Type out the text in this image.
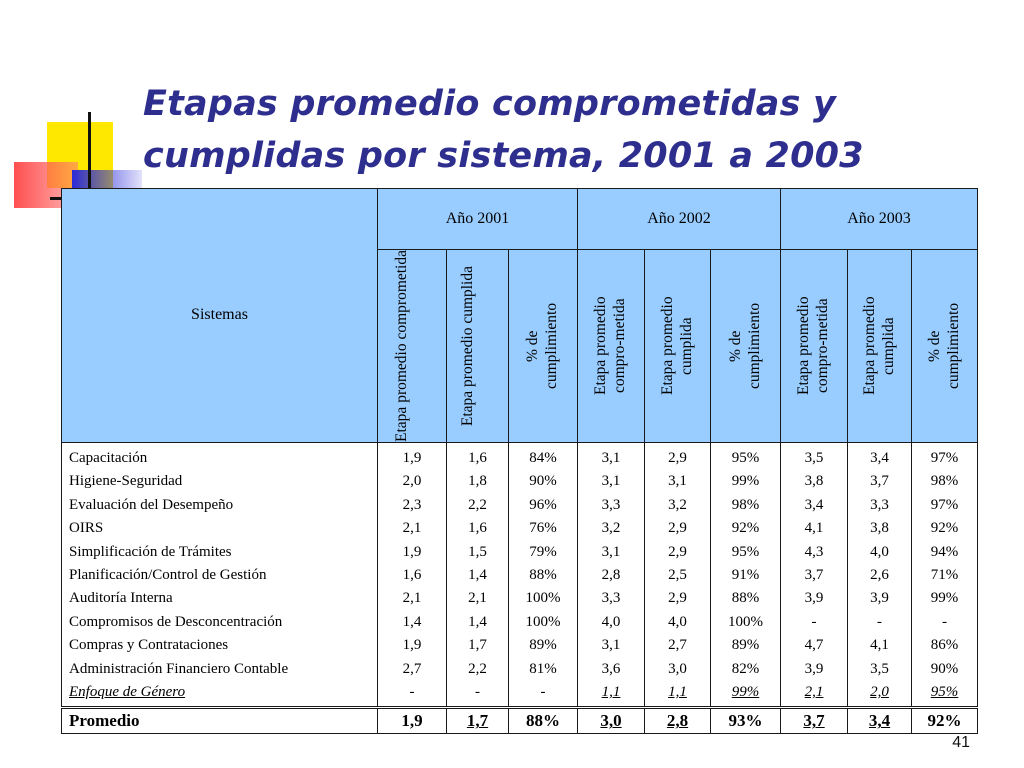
Etapas promedio comprometidas y
cumplidas por sistema, 2001 a 2003
Sistemas	Año 2001			Año 2002			Año 2003		

	Etapa promedio comprometida	Etapa promedio cumplida	% de cumplimiento	Etapa promedio compro-metida	Etapa promedio cumplida	% de cumplimiento	Etapa promedio compro-metida	Etapa promedio cumplida	% de cumplimiento

Capacitación	1,9	1,6	84%	3,1	2,9	95%	3,5	3,4	97%
Higiene-Seguridad	2,0	1,8	90%	3,1	3,1	99%	3,8	3,7	98%
Evaluación del Desempeño	2,3	2,2	96%	3,3	3,2	98%	3,4	3,3	97%
OIRS	2,1	1,6	76%	3,2	2,9	92%	4,1	3,8	92%
Simplificación de Trámites	1,9	1,5	79%	3,1	2,9	95%	4,3	4,0	94%
Planificación/Control de Gestión	1,6	1,4	88%	2,8	2,5	91%	3,7	2,6	71%
Auditoría Interna	2,1	2,1	100%	3,3	2,9	88%	3,9	3,9	99%
Compromisos de Desconcentración	1,4	1,4	100%	4,0	4,0	100%	-	-	-
Compras y Contrataciones	1,9	1,7	89%	3,1	2,7	89%	4,7	4,1	86%
Administración Financiero Contable	2,7	2,2	81%	3,6	3,0	82%	3,9	3,5	90%
Enfoque de Género	-	-	-	1,1	1,1	99%	2,1	2,0	95%
Promedio	1,9	1,7	88%	3,0	2,8	93%	3,7	3,4	92%
41
